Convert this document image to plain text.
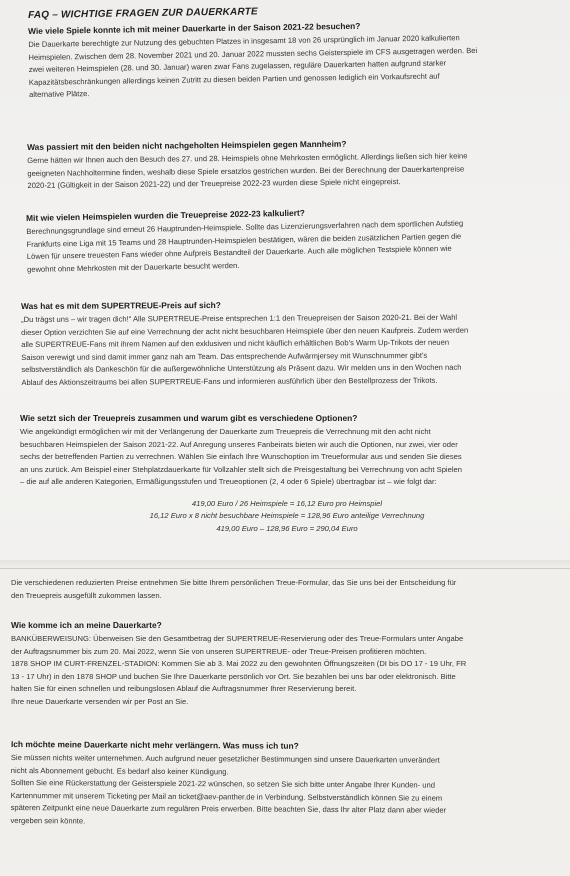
FAQ – WICHTIGE FRAGEN ZUR DAUERKARTE
Wie viele Spiele konnte ich mit meiner Dauerkarte in der Saison 2021-22 besuchen?

Die Dauerkarte berechtigte zur Nutzung des gebuchten Platzes in insgesamt 18 von 26 ursprünglich im Januar 2020 kalkulierten

Heimspielen. Zwischen dem 28. November 2021 und 20. Januar 2022 mussten sechs Geisterspiele im CFS ausgetragen werden. Bei

zwei weiteren Heimspielen (28. und 30. Januar) waren zwar Fans zugelassen, reguläre Dauerkarten hatten aufgrund starker

Kapazitätsbeschränkungen allerdings keinen Zutritt zu diesen beiden Partien und genossen lediglich ein Vorkaufsrecht auf

alternative Plätze.

Was passiert mit den beiden nicht nachgeholten Heimspielen gegen Mannheim?

Gerne hätten wir Ihnen auch den Besuch des 27. und 28. Heimspiels ohne Mehrkosten ermöglicht. Allerdings ließen sich hier keine

geeigneten Nachholtermine finden, weshalb diese Spiele ersatzlos gestrichen wurden. Bei der Berechnung der Dauerkartenpreise

2020-21 (Gültigkeit in der Saison 2021-22) und der Treuepreise 2022-23 wurden diese Spiele nicht eingepreist.

Mit wie vielen Heimspielen wurden die Treuepreise 2022-23 kalkuliert?

Berechnungsgrundlage sind erneut 26 Hauptrunden-Heimspiele. Sollte das Lizenzierungsverfahren nach dem sportlichen Aufstieg

Frankfurts eine Liga mit 15 Teams und 28 Hauptrunden-Heimspielen bestätigen, wären die beiden zusätzlichen Partien gegen die

Löwen für unsere treuesten Fans wieder ohne Aufpreis Bestandteil der Dauerkarte. Auch alle möglichen Testspiele können wie

gewohnt ohne Mehrkosten mit der Dauerkarte besucht werden.

Was hat es mit dem SUPERTREUE-Preis auf sich?

„Du trägst uns – wir tragen dich!“ Alle SUPERTREUE-Preise entsprechen 1:1 den Treuepreisen der Saison 2020-21. Bei der Wahl

dieser Option verzichten Sie auf eine Verrechnung der acht nicht besuchbaren Heimspiele über den neuen Kaufpreis. Zudem werden

alle SUPERTREUE-Fans mit ihrem Namen auf den exklusiven und nicht käuflich erhältlichen Bob's Warm Up-Trikots der neuen

Saison verewigt und sind damit immer ganz nah am Team. Das entsprechende Aufwärmjersey mit Wunschnummer gibt's

selbstverständlich als Dankeschön für die außergewöhnliche Unterstützung als Präsent dazu. Wir melden uns in den Wochen nach

Ablauf des Aktionszeitraums bei allen SUPERTREUE-Fans und informieren ausführlich über den Bestellprozess der Trikots.

Wie setzt sich der Treuepreis zusammen und warum gibt es verschiedene Optionen?

Wie angekündigt ermöglichen wir mit der Verlängerung der Dauerkarte zum Treuepreis die Verrechnung mit den acht nicht

besuchbaren Heimspielen der Saison 2021-22. Auf Anregung unseres Fanbeirats bieten wir auch die Optionen, nur zwei, vier oder

sechs der betreffenden Partien zu verrechnen. Wählen Sie einfach Ihre Wunschoption im Treueformular aus und senden Sie dieses

an uns zurück. Am Beispiel einer Stehplatzdauerkarte für Vollzahler stellt sich die Preisgestaltung bei Verrechnung von acht Spielen

– die auf alle anderen Kategorien, Ermäßigungsstufen und Treueoptionen (2, 4 oder 6 Spiele) übertragbar ist – wie folgt dar:

419,00 Euro / 26 Heimspiele = 16,12 Euro pro Heimspiel
16,12 Euro x 8 nicht besuchbare Heimspiele = 128,96 Euro anteilige Verrechnung
419,00 Euro – 128,96 Euro = 290,04 Euro

Die verschiedenen reduzierten Preise entnehmen Sie bitte Ihrem persönlichen Treue-Formular, das Sie uns bei der Entscheidung für

den Treuepreis ausgefüllt zukommen lassen.

Wie komme ich an meine Dauerkarte?

BANKÜBERWEISUNG: Überweisen Sie den Gesamtbetrag der SUPERTREUE-Reservierung oder des Treue-Formulars unter Angabe

der Auftragsnummer bis zum 20. Mai 2022, wenn Sie von unseren SUPERTREUE- oder Treue-Preisen profitieren möchten.

1878 SHOP IM CURT-FRENZEL-STADION: Kommen Sie ab 3. Mai 2022 zu den gewohnten Öffnungszeiten (DI bis DO 17 - 19 Uhr, FR

13 - 17 Uhr) in den 1878 SHOP und buchen Sie Ihre Dauerkarte persönlich vor Ort. Sie bezahlen bei uns bar oder elektronisch. Bitte

halten Sie für einen schnellen und reibungslosen Ablauf die Auftragsnummer Ihrer Reservierung bereit.

Ihre neue Dauerkarte versenden wir per Post an Sie.

Ich möchte meine Dauerkarte nicht mehr verlängern. Was muss ich tun?

Sie müssen nichts weiter unternehmen. Auch aufgrund neuer gesetzlicher Bestimmungen sind unsere Dauerkarten unverändert

nicht als Abonnement gebucht. Es bedarf also keiner Kündigung.

Sollten Sie eine Rückerstattung der Geisterspiele 2021-22 wünschen, so setzen Sie sich bitte unter Angabe Ihrer Kunden- und

Kartennummer mit unserem Ticketing per Mail an ticket@aev-panther.de in Verbindung. Selbstverständlich können Sie zu einem

späteren Zeitpunkt eine neue Dauerkarte zum regulären Preis erwerben. Bitte beachten Sie, dass Ihr alter Platz dann aber wieder

vergeben sein könnte.
